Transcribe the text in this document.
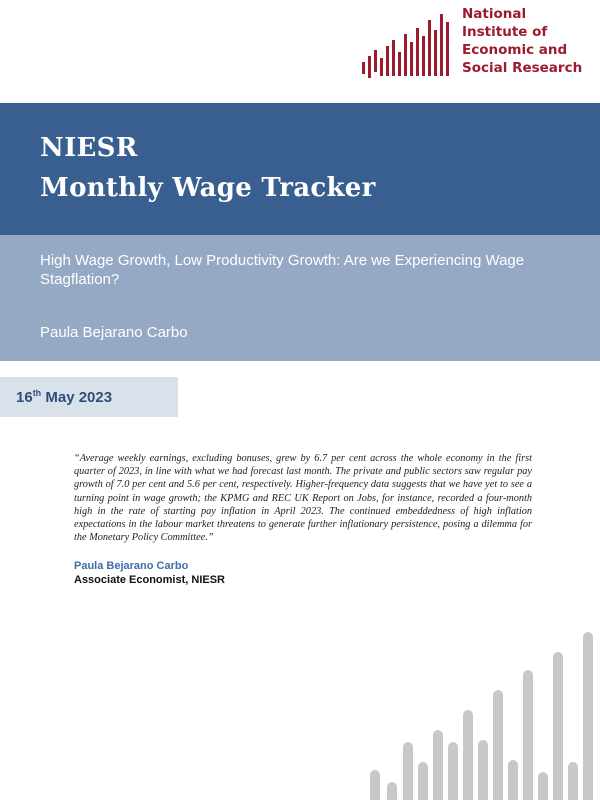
National
Institute of
Economic and
Social Research
NIESR
Monthly Wage Tracker
High Wage Growth, Low Productivity Growth: Are we Experiencing Wage Stagflation?
Paula Bejarano Carbo
16th May 2023
“Average weekly earnings, excluding bonuses, grew by 6.7 per cent across the whole economy in the first quarter of 2023, in line with what we had forecast last month. The private and public sectors saw regular pay growth of 7.0 per cent and 5.6 per cent, respectively. Higher-frequency data suggests that we have yet to see a turning point in wage growth; the KPMG and REC UK Report on Jobs, for instance, recorded a four-month high in the rate of starting pay inflation in April 2023. The continued embeddedness of high inflation expectations in the labour market threatens to generate further inflationary persistence, posing a dilemma for the Monetary Policy Committee.”
Paula Bejarano Carbo
Associate Economist, NIESR
